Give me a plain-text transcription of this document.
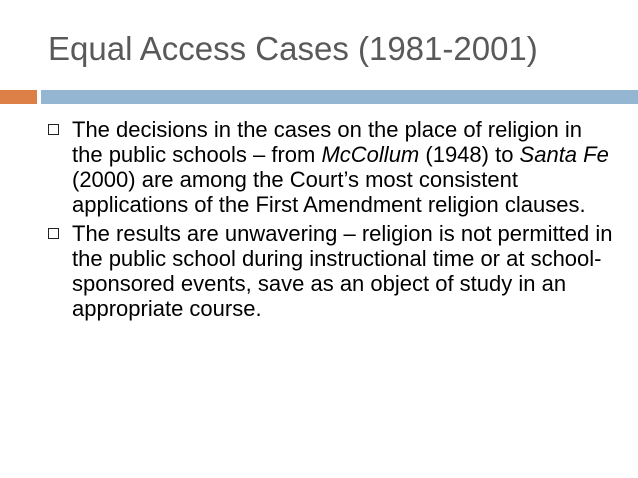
Equal Access Cases (1981-2001)
The decisions in the cases on the place of religion in the public schools – from McCollum (1948) to Santa Fe (2000) are among the Court’s most consistent applications of the First Amendment religion clauses.
The results are unwavering – religion is not permitted in the public school during instructional time or at school-sponsored events, save as an object of study in an appropriate course.
